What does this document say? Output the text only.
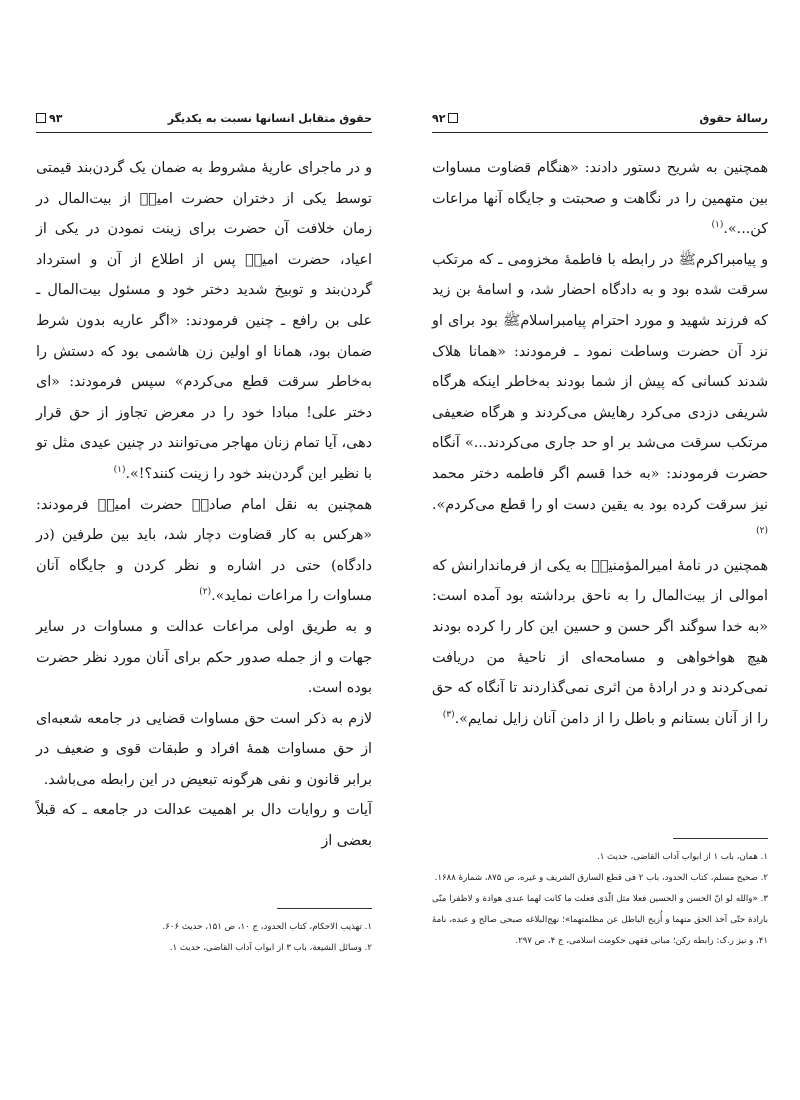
حقوق متقابل انسانها نسبت به یکدیگر
۹۳

و در ماجرای عاریهٔ مشروط به ضمان یک گردن‌بند قیمتی توسط یکی از دختران حضرت امیرؑ از بیت‌المال در زمان خلافت آن حضرت برای زینت نمودن در یکی از اعیاد، حضرت امیرؑ پس از اطلاع از آن و استرداد گردن‌بند و توبیخ شدید دختر خود و مسئول بیت‌المال ـ علی بن رافع ـ چنین فرمودند: «اگر عاریه بدون شرط ضمان بود، همانا او اولین زن هاشمی بود که دستش را به‌خاطر سرقت قطع می‌کردم» سپس فرمودند: «ای دختر علی! مبادا خود را در معرض تجاوز از حق قرار دهی، آیا تمام زنان مهاجر می‌توانند در چنین عیدی مثل تو با نظیر این گردن‌بند خود را زینت کنند؟!».$^{(۱)}$

همچنین به نقل امام صادقؑ حضرت امیرؑ فرمودند: «هرکس به کار قضاوت دچار شد، باید بین طرفین (در دادگاه) حتی در اشاره و نظر کردن و جایگاه آنان مساوات را مراعات نماید».$^{(۲)}$

و به طریق اولی مراعات عدالت و مساوات در سایر جهات و از جمله صدور حکم برای آنان مورد نظر حضرت بوده است.

لازم به ذکر است حق مساوات قضایی در جامعه شعبه‌ای از حق مساوات همهٔ افراد و طبقات قوی و ضعیف در برابر قانون و نفی هرگونه تبعیض در این رابطه می‌باشد.

آیات و روایات دال بر اهمیت عدالت در جامعه ـ که قبلاً بعضی از

۱. تهذیب الاحکام، کتاب الحدود، ج ۱۰، ص ۱۵۱، حدیث ۶۰۶.

۲. وسائل الشیعة، باب ۳ از ابواب آداب القاضی، حدیث ۱.

رسالهٔ حقوق
۹۲

همچنین به شریح دستور دادند: «هنگام قضاوت مساوات بین متهمین را در نگاهت و صحبتت و جایگاه آنها مراعات کن...».$^{(۱)}$

و پیامبراکرمﷺ در رابطه با فاطمهٔ مخزومی ـ که مرتکب سرقت شده بود و به دادگاه احضار شد، و اسامهٔ بن زید که فرزند شهید و مورد احترام پیامبراسلامﷺ بود برای او نزد آن حضرت وساطت نمود ـ فرمودند: «همانا هلاک شدند کسانی که پیش از شما بودند به‌خاطر اینکه هرگاه شریفی دزدی می‌کرد رهایش می‌کردند و هرگاه ضعیفی مرتکب سرقت می‌شد بر او حد جاری می‌کردند...» آنگاه حضرت فرمودند: «به خدا قسم اگر فاطمه دختر محمد نیز سرقت کرده بود به یقین دست او را قطع می‌کردم».$^{(۲)}$

همچنین در نامهٔ امیرالمؤمنینؑ به یکی از فرماندارانش که اموالی از بیت‌المال را به ناحق برداشته بود آمده است: «به خدا سوگند اگر حسن و حسین این کار را کرده بودند هیچ هواخواهی و مسامحه‌ای از ناحیهٔ من دریافت نمی‌کردند و در ارادهٔ من اثری نمی‌گذاردند تا آنگاه که حق را از آنان بستانم و باطل را از دامن آنان زایل نمایم».$^{(۳)}$

۱. همان، باب ۱ از ابواب آداب القاضی، حدیث ۱.

۲. صحیح مسلم، کتاب الحدود، باب ۲ فی قطع السارق الشریف و غیره، ص ۸۷۵، شمارهٔ ۱۶۸۸.

۳. «والله لو انّ الحسن و الحسین فعلا مثل الّذی فعلت ما کانت لهما عندی هوادة و لاظفرا منّی بارادة حتّی آخذ الحق منهما و أُزیح الباطل عن مظلمتهما»؛ نهج‌البلاغه صبحی صالح و عبده، نامهٔ ۴۱، و نیز ر.ک: رابطه رکن؛ مبانی فقهی حکومت اسلامی، ج ۴، ص ۲۹۷.
